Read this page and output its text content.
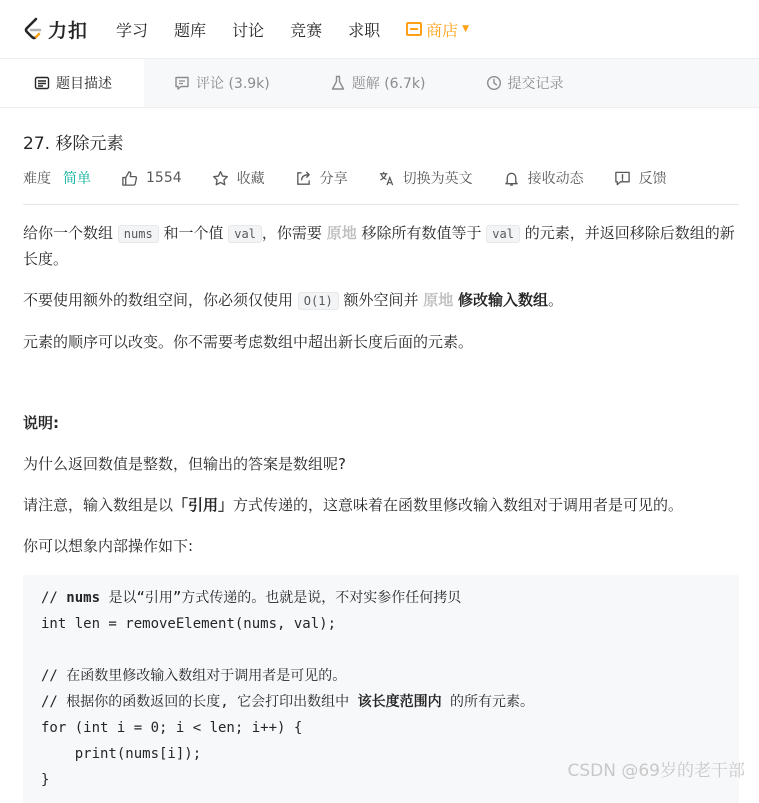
力扣 学习 题库 讨论 竞赛 求职	商店 ▼
题目描述	评论 (3.9k)	题解 (6.7k)	提交记录
27. 移除元素
难度 简单	1554	收藏	分享	切换为英文	接收动态	反馈
给你一个数组 nums 和一个值 val ，你需要 原地 移除所有数值等于 val 的元素，并返回移除后数组的新长度。
不要使用额外的数组空间，你必须仅使用 O(1) 额外空间并 原地 修改输入数组。
元素的顺序可以改变。你不需要考虑数组中超出新长度后面的元素。
说明:
为什么返回数值是整数，但输出的答案是数组呢?
请注意，输入数组是以「引用」方式传递的，这意味着在函数里修改输入数组对于调用者是可见的。
你可以想象内部操作如下:
// nums 是以“引用”方式传递的。也就是说，不对实参作任何拷贝
int len = removeElement(nums, val);

// 在函数里修改输入数组对于调用者是可见的。
// 根据你的函数返回的长度, 它会打印出数组中 该长度范围内 的所有元素。
for (int i = 0; i < len; i++) {
print(nums[i]);
}	CSDN @69岁的老干部
